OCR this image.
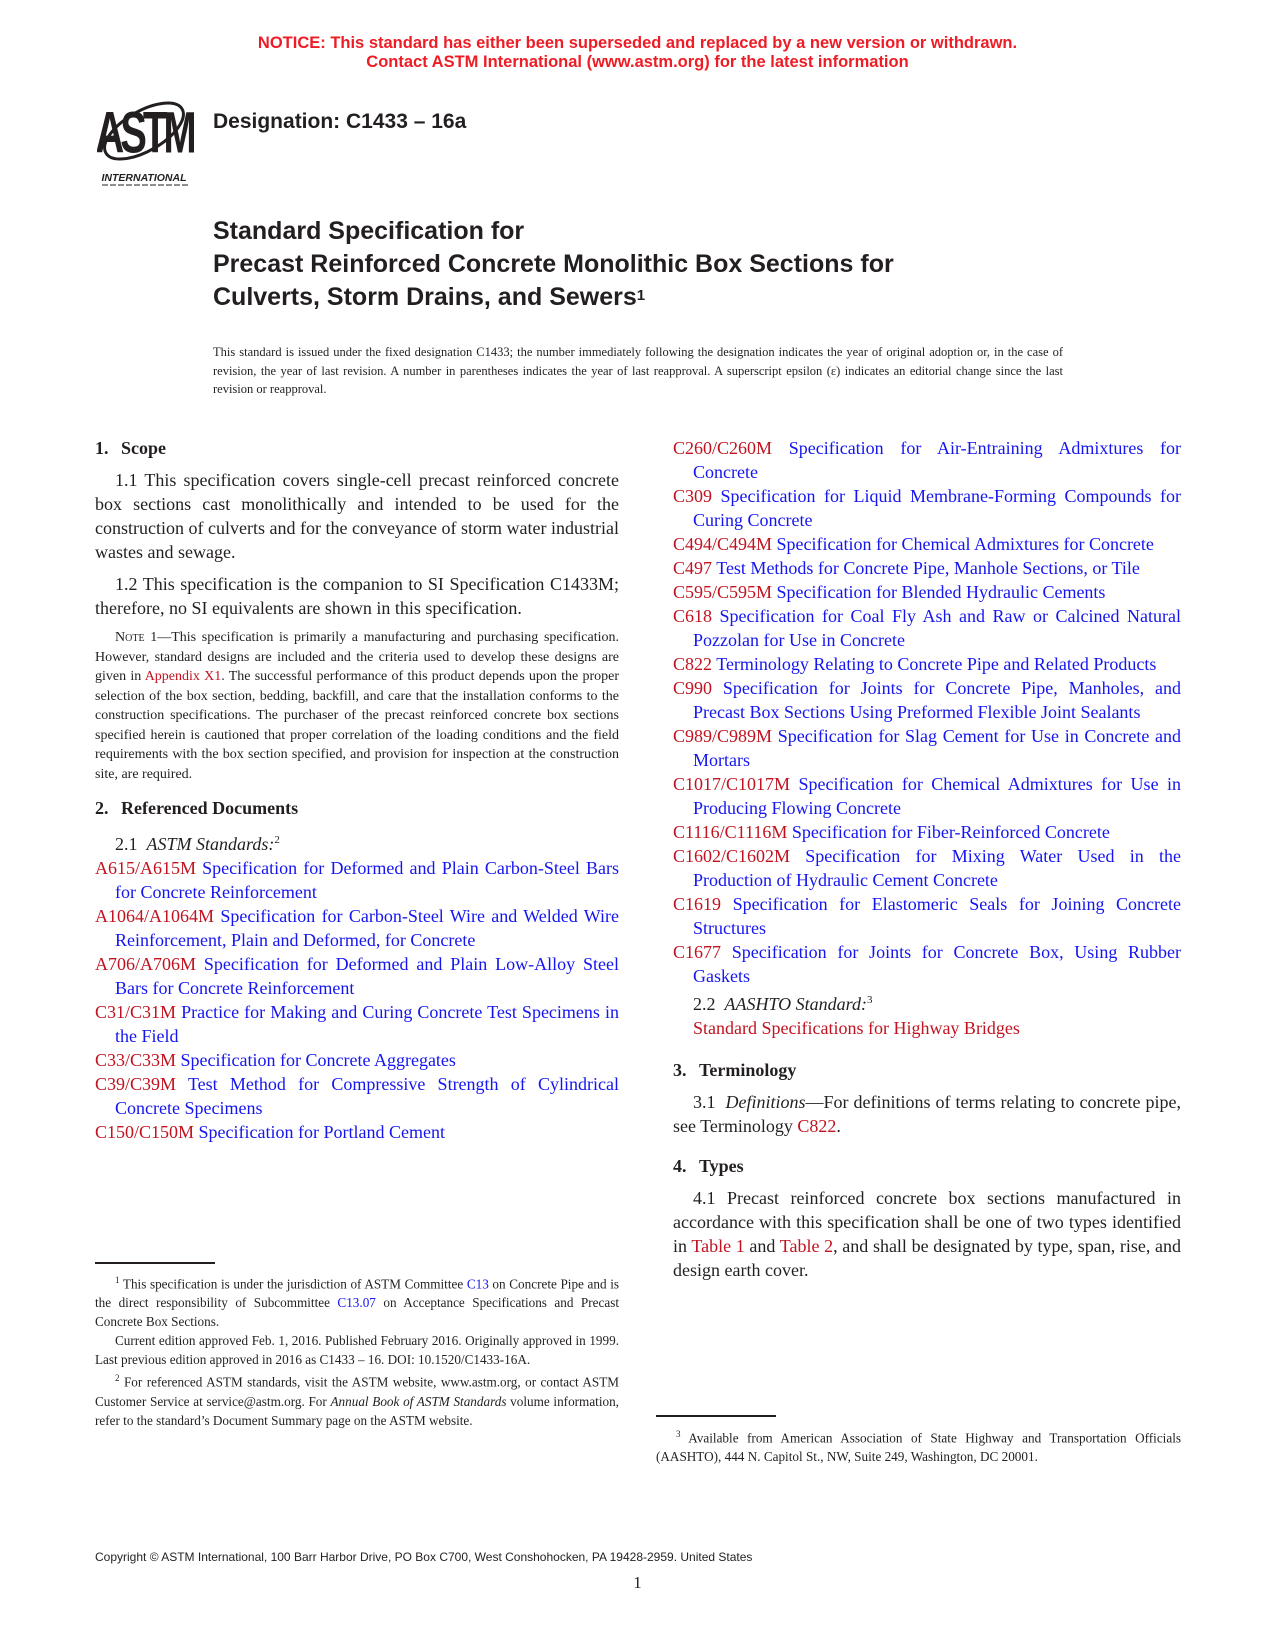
NOTICE: This standard has either been superseded and replaced by a new version or withdrawn.
Contact ASTM International (www.astm.org) for the latest information
ASTM
INTERNATIONAL
Designation: C1433 – 16a
Standard Specification for
Precast Reinforced Concrete Monolithic Box Sections for
Culverts, Storm Drains, and Sewers$^1$
This standard is issued under the fixed designation C1433; the number immediately following the designation indicates the year of original adoption or, in the case of revision, the year of last revision. A number in parentheses indicates the year of last reapproval. A superscript epsilon (ε) indicates an editorial change since the last revision or reapproval.
1. Scope

1.1 This specification covers single-cell precast reinforced concrete box sections cast monolithically and intended to be used for the construction of culverts and for the conveyance of storm water industrial wastes and sewage.

1.2 This specification is the companion to SI Specification C1433M; therefore, no SI equivalents are shown in this specification.

Note 1—This specification is primarily a manufacturing and purchasing specification. However, standard designs are included and the criteria used to develop these designs are given in Appendix X1. The successful performance of this product depends upon the proper selection of the box section, bedding, backfill, and care that the installation conforms to the construction specifications. The purchaser of the precast reinforced concrete box sections specified herein is cautioned that proper correlation of the loading conditions and the field requirements with the box section specified, and provision for inspection at the construction site, are required.

2. Referenced Documents
2.1 ASTM Standards:$^2$

A615/A615M Specification for Deformed and Plain Carbon-Steel Bars for Concrete Reinforcement

A1064/A1064M Specification for Carbon-Steel Wire and Welded Wire Reinforcement, Plain and Deformed, for Concrete

A706/A706M Specification for Deformed and Plain Low-Alloy Steel Bars for Concrete Reinforcement

C31/C31M Practice for Making and Curing Concrete Test Specimens in the Field

C33/C33M Specification for Concrete Aggregates

C39/C39M Test Method for Compressive Strength of Cylindrical Concrete Specimens

C150/C150M Specification for Portland Cement

$^1$ This specification is under the jurisdiction of ASTM Committee C13 on Concrete Pipe and is the direct responsibility of Subcommittee C13.07 on Acceptance Specifications and Precast Concrete Box Sections.

Current edition approved Feb. 1, 2016. Published February 2016. Originally approved in 1999. Last previous edition approved in 2016 as C1433 – 16. DOI: 10.1520/C1433-16A.

$^2$ For referenced ASTM standards, visit the ASTM website, www.astm.org, or contact ASTM Customer Service at service@astm.org. For Annual Book of ASTM Standards volume information, refer to the standard’s Document Summary page on the ASTM website.

C260/C260M Specification for Air-Entraining Admixtures for Concrete

C309 Specification for Liquid Membrane-Forming Compounds for Curing Concrete

C494/C494M Specification for Chemical Admixtures for Concrete

C497 Test Methods for Concrete Pipe, Manhole Sections, or Tile

C595/C595M Specification for Blended Hydraulic Cements

C618 Specification for Coal Fly Ash and Raw or Calcined Natural Pozzolan for Use in Concrete

C822 Terminology Relating to Concrete Pipe and Related Products

C990 Specification for Joints for Concrete Pipe, Manholes, and Precast Box Sections Using Preformed Flexible Joint Sealants

C989/C989M Specification for Slag Cement for Use in Concrete and Mortars

C1017/C1017M Specification for Chemical Admixtures for Use in Producing Flowing Concrete

C1116/C1116M Specification for Fiber-Reinforced Concrete

C1602/C1602M Specification for Mixing Water Used in the Production of Hydraulic Cement Concrete

C1619 Specification for Elastomeric Seals for Joining Concrete Structures

C1677 Specification for Joints for Concrete Box, Using Rubber Gaskets

2.2 AASHTO Standard:$^3$
Standard Specifications for Highway Bridges
3. Terminology

3.1 Definitions—For definitions of terms relating to concrete pipe, see Terminology C822.

4. Types

4.1 Precast reinforced concrete box sections manufactured in accordance with this specification shall be one of two types identified in Table 1 and Table 2, and shall be designated by type, span, rise, and design earth cover.

$^3$ Available from American Association of State Highway and Transportation Officials (AASHTO), 444 N. Capitol St., NW, Suite 249, Washington, DC 20001.

Copyright © ASTM International, 100 Barr Harbor Drive, PO Box C700, West Conshohocken, PA 19428-2959. United States
1
